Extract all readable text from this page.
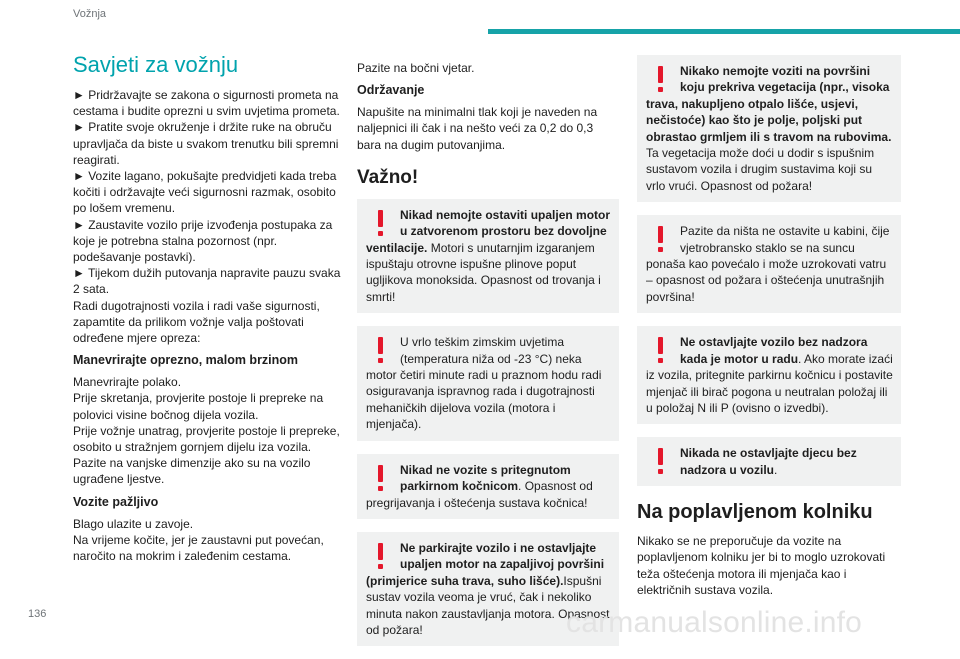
Vožnja
Savjeti za vožnju

► Pridržavajte se zakona o sigurnosti prometa na cestama i budite oprezni u svim uvjetima prometa.

► Pratite svoje okruženje i držite ruke na obruču upravljača da biste u svakom trenutku bili spremni reagirati.

► Vozite lagano, pokušajte predvidjeti kada treba kočiti i održavajte veći sigurnosni razmak, osobito po lošem vremenu.

► Zaustavite vozilo prije izvođenja postupaka za koje je potrebna stalna pozornost (npr. podešavanje postavki).

► Tijekom dužih putovanja napravite pauzu svaka 2 sata.

Radi dugotrajnosti vozila i radi vaše sigurnosti, zapamtite da prilikom vožnje valja poštovati određene mjere opreza:

Manevrirajte oprezno, malom brzinom

Manevrirajte polako.

Prije skretanja, provjerite postoje li prepreke na polovici visine bočnog dijela vozila.

Prije vožnje unatrag, provjerite postoje li prepreke, osobito u stražnjem gornjem dijelu iza vozila.

Pazite na vanjske dimenzije ako su na vozilo ugrađene ljestve.

Vozite pažljivo

Blago ulazite u zavoje.

Na vrijeme kočite, jer je zaustavni put povećan, naročito na mokrim i zaleđenim cestama.

Pazite na bočni vjetar.

Održavanje

Napušite na minimalni tlak koji je naveden na naljepnici ili čak i na nešto veći za 0,2 do 0,3 bara na dugim putovanjima.

Važno!
Nikad nemojte ostaviti upaljen motor u zatvorenom prostoru bez dovoljne ventilacije. Motori s unutarnjim izgaranjem ispuštaju otrovne ispušne plinove poput ugljikova monoksida. Opasnost od trovanja i smrti!
U vrlo teškim zimskim uvjetima (temperatura niža od -23 °C) neka motor četiri minute radi u praznom hodu radi osiguravanja ispravnog rada i dugotrajnosti mehaničkih dijelova vozila (motora i mjenjača).
Nikad ne vozite s pritegnutom parkirnom kočnicom. Opasnost od pregrijavanja i oštećenja sustava kočnica!
Ne parkirajte vozilo i ne ostavljajte upaljen motor na zapaljivoj površini (primjerice suha trava, suho lišće).Ispušni sustav vozila veoma je vruć, čak i nekoliko minuta nakon zaustavljanja motora. Opasnost od požara!
Nikako nemojte voziti na površini koju prekriva vegetacija (npr., visoka trava, nakupljeno otpalo lišće, usjevi, nečistoće) kao što je polje, poljski put obrastao grmljem ili s travom na rubovima. Ta vegetacija može doći u dodir s ispušnim sustavom vozila i drugim sustavima koji su vrlo vrući. Opasnost od požara!
Pazite da ništa ne ostavite u kabini, čije vjetrobransko staklo se na suncu ponaša kao povećalo i može uzrokovati vatru – opasnost od požara i oštećenja unutrašnjih površina!
Ne ostavljajte vozilo bez nadzora kada je motor u radu. Ako morate izaći iz vozila, pritegnite parkirnu kočnicu i postavite mjenjač ili birač pogona u neutralan položaj ili u položaj N ili P (ovisno o izvedbi).
Nikada ne ostavljajte djecu bez nadzora u vozilu.
Na poplavljenom kolniku

Nikako se ne preporučuje da vozite na poplavljenom kolniku jer bi to moglo uzrokovati teža oštećenja motora ili mjenjača kao i električnih sustava vozila.

136	carmanualsonline.info
